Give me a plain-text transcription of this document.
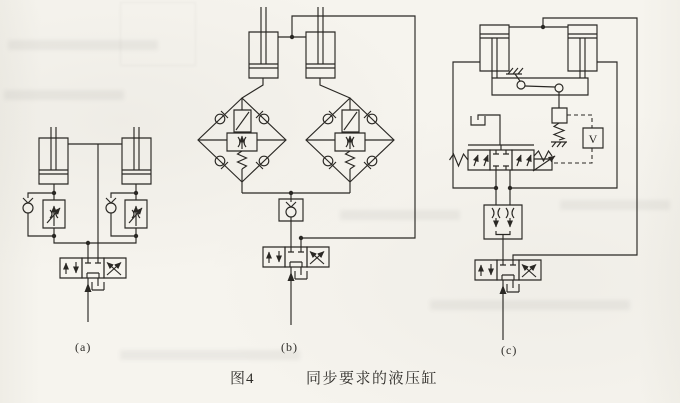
V
(a)	(b)	(c)
图4	同步要求的液压缸
